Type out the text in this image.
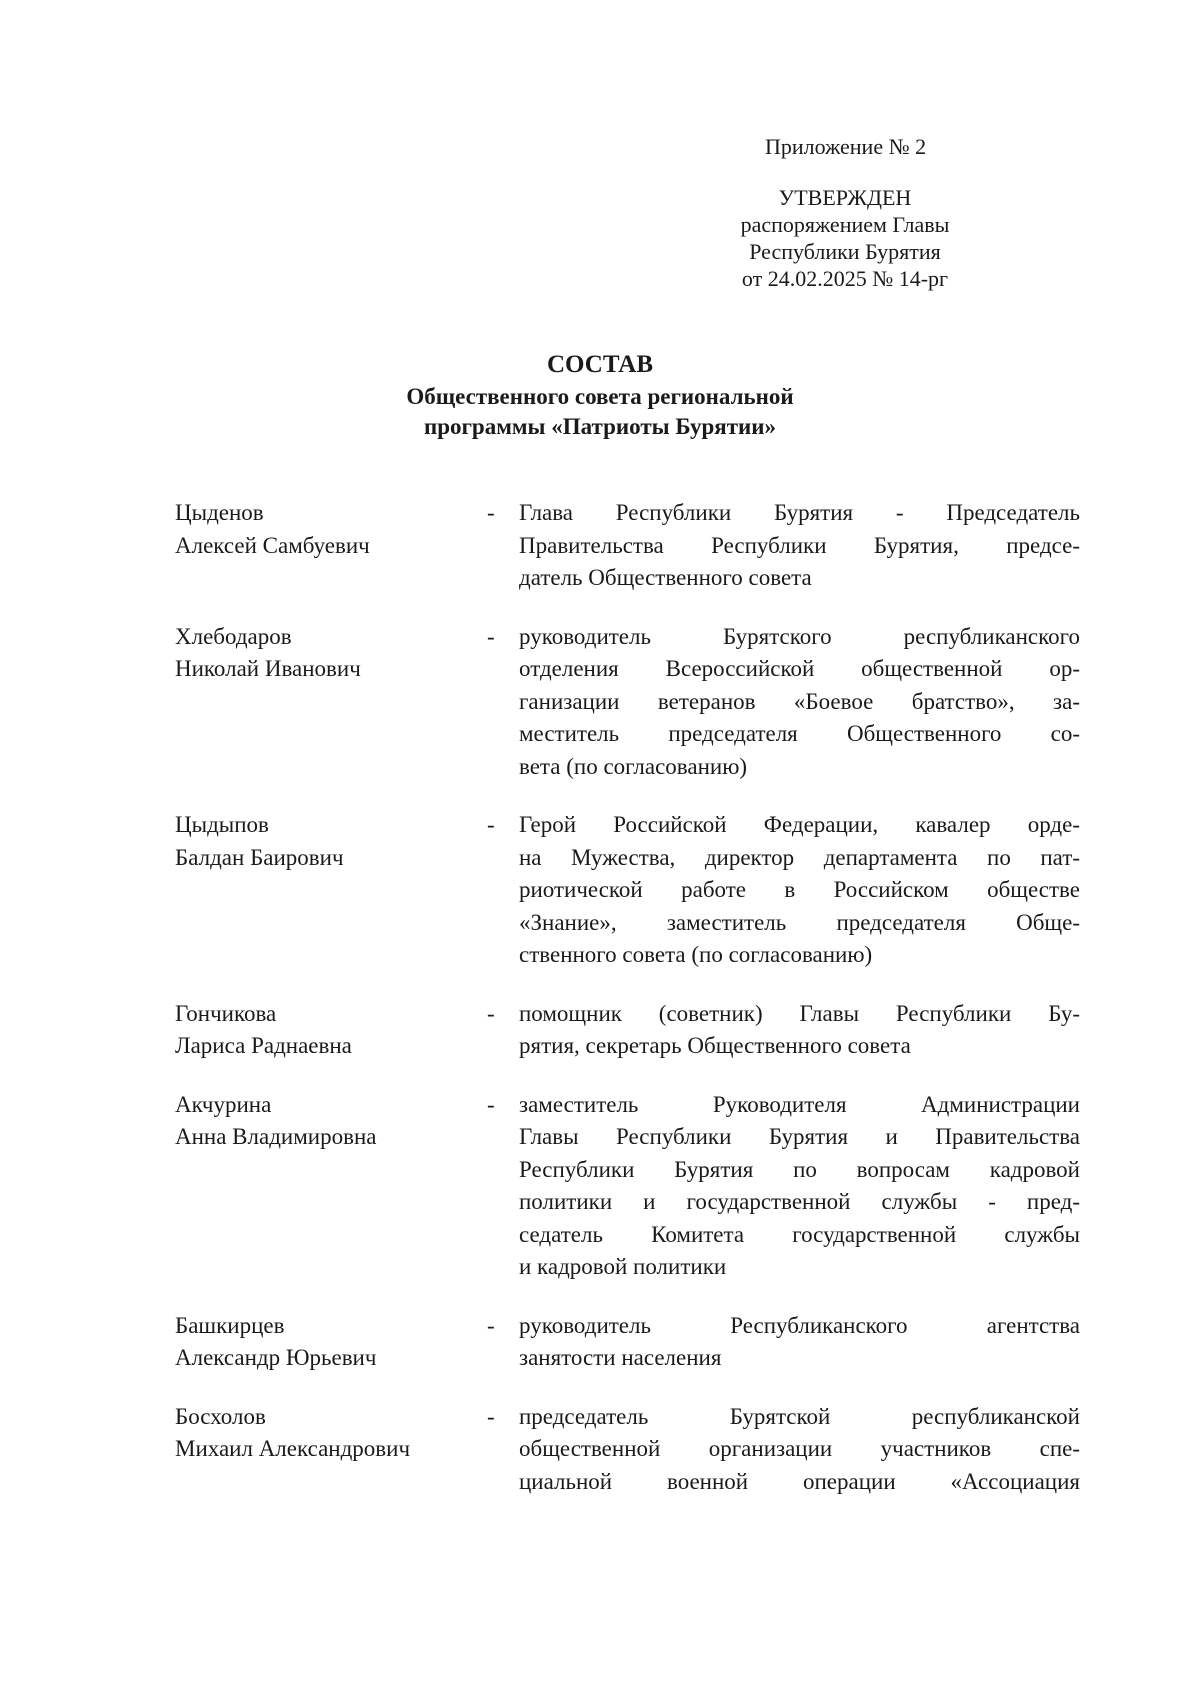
Приложение № 2
УТВЕРЖДЕН
распоряжением Главы
Республики Бурятия
от 24.02.2025 № 14-рг
СОСТАВ
Общественного совета региональной
программы «Патриоты Бурятии»
Цыденов
Алексей Самбуевич
-	Глава Республики Бурятия - Председатель
Правительства Республики Бурятия, предсе-
датель Общественного совета
Хлебодаров
Николай Иванович
-	руководитель Бурятского республиканского
отделения Всероссийской общественной ор-
ганизации ветеранов «Боевое братство», за-
меститель председателя Общественного со-
вета (по согласованию)
Цыдыпов
Балдан Баирович
-	Герой Российской Федерации, кавалер орде-
на Мужества, директор департамента по пат-
риотической работе в Российском обществе
«Знание», заместитель председателя Обще-
ственного совета (по согласованию)
Гончикова
Лариса Раднаевна
-	помощник (советник) Главы Республики Бу-
рятия, секретарь Общественного совета
Акчурина
Анна Владимировна
-	заместитель Руководителя Администрации
Главы Республики Бурятия и Правительства
Республики Бурятия по вопросам кадровой
политики и государственной службы - пред-
седатель Комитета государственной службы
и кадровой политики
Башкирцев
Александр Юрьевич
-	руководитель Республиканского агентства
занятости населения
Босхолов
Михаил Александрович
-	председатель Бурятской республиканской
общественной организации участников спе-
циальной военной операции «Ассоциация
